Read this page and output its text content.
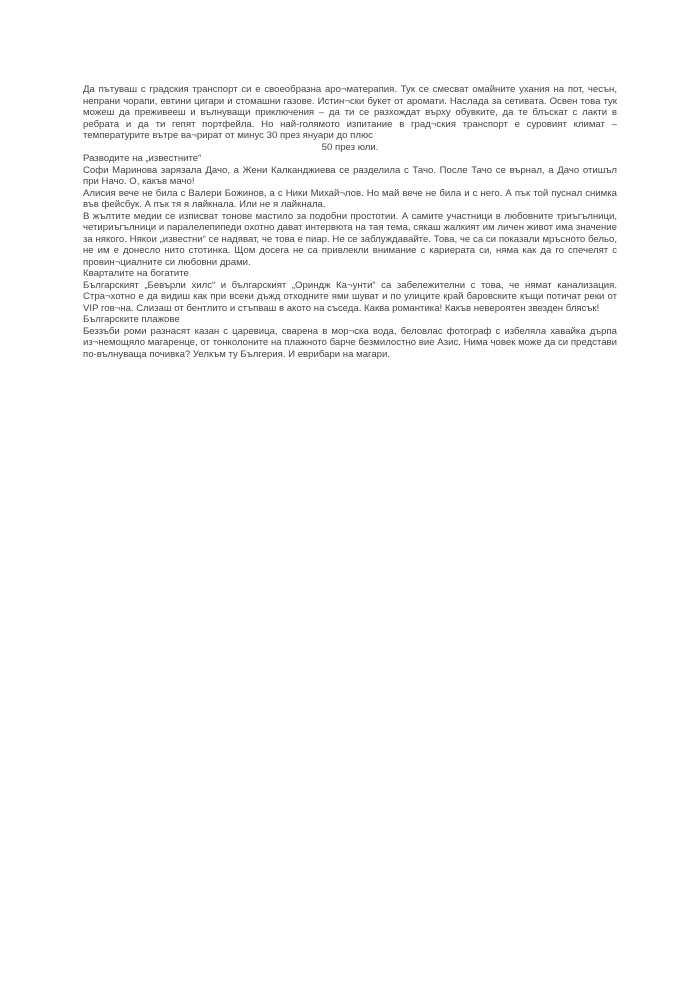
Да пътуваш с градския транспорт си е своеобразна аро¬матерапия. Тук се смесват омайните ухания на пот, чесън, непрани чорапи, евтини цигари и стомашни газове. Истин¬ски букет от аромати. Наслада за сетивата. Освен това тук можеш да преживееш и вълнуващи приключения – да ти се разхождат върху обувките, да те блъскат с лакти в ребрата и да ти гепят портфейла. Но най-голямото изпитание в град¬ския транспорт е суровият климат – температурите вътре ва¬рират от минус 30 през януари до плюс

50 през юли.

Разводите на „известните“

Софи Маринова зарязала Дачо, а Жени Калканджиева се разделила с Тачо. После Тачо се върнал, а Дачо отишъл при Начо. О, какъв мачо!

Алисия вече не била с Валери Божинов, а с Ники Михай¬лов. Но май вече не била и с него. А пък той пуснал снимка във фейсбук. А пък тя я лайкнала. Или не я лайкнала.

В жълтите медии се изписват тонове мастило за подобни простотии. А самите участници в любовните триъгълници, четириъгълници и паралелепипеди охотно дават интервюта на тая тема, сякаш жалкият им личен живот има значение за някого. Някои „известни“ се надяват, че това е пиар. Не се заблуждавайте. Това, че са си показали мръсното бельо, не им е донесло нито стотинка. Щом досега не са привлекли внимание с кариерата си, няма как да го спечелят с провин¬циалните си любовни драми.

Кварталите на богатите

Българският „Бевърли хилс“ и българският „Ориндж Ка¬унти“ са забележителни с това, че нямат канализация. Стра¬хотно е да видиш как при всеки дъжд отходните ями шуват и по улиците край баровските къщи потичат реки от VIP гов¬на. Слизаш от бентлито и стъпваш в акото на съседа. Каква романтика! Какъв невероятен звезден блясък!

Българските плажове

Беззъби роми разнасят казан с царевица, сварена в мор¬ска вода, беловлас фотограф с избеляла хавайка дърпа из¬немощяло магаренце, от тонколоните на плажното барче безмилостно вие Азис. Нима човек може да си представи по-вълнуваща почивка? Уелкъм ту Бългерия. И еврибари на магари.
